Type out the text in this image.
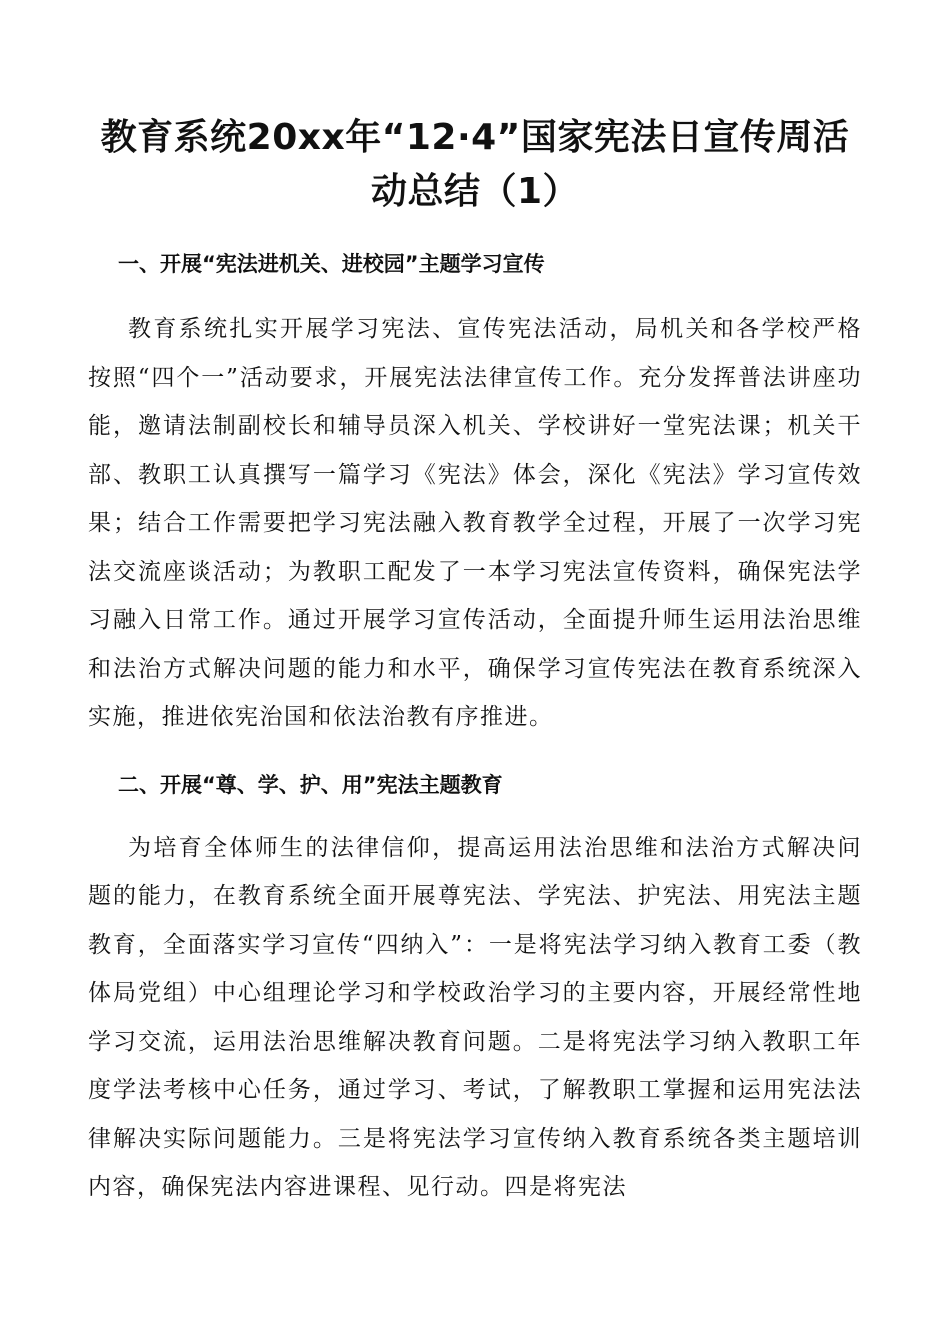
教育系统20xx年“12·4”国家宪法日宣传周活动总结（1）
一、开展“宪法进机关、进校园”主题学习宣传

教育系统扎实开展学习宪法、宣传宪法活动，局机关和各学校严格按照“四个一”活动要求，开展宪法法律宣传工作。充分发挥普法讲座功能，邀请法制副校长和辅导员深入机关、学校讲好一堂宪法课；机关干部、教职工认真撰写一篇学习《宪法》体会，深化《宪法》学习宣传效果；结合工作需要把学习宪法融入教育教学全过程，开展了一次学习宪法交流座谈活动；为教职工配发了一本学习宪法宣传资料，确保宪法学习融入日常工作。通过开展学习宣传活动，全面提升师生运用法治思维和法治方式解决问题的能力和水平，确保学习宣传宪法在教育系统深入实施，推进依宪治国和依法治教有序推进。

二、开展“尊、学、护、用”宪法主题教育

为培育全体师生的法律信仰，提高运用法治思维和法治方式解决问题的能力，在教育系统全面开展尊宪法、学宪法、护宪法、用宪法主题教育，全面落实学习宣传“四纳入”：一是将宪法学习纳入教育工委（教体局党组）中心组理论学习和学校政治学习的主要内容，开展经常性地学习交流，运用法治思维解决教育问题。二是将宪法学习纳入教职工年度学法考核中心任务，通过学习、考试，了解教职工掌握和运用宪法法律解决实际问题能力。三是将宪法学习宣传纳入教育系统各类主题培训内容，确保宪法内容进课程、见行动。四是将宪法
